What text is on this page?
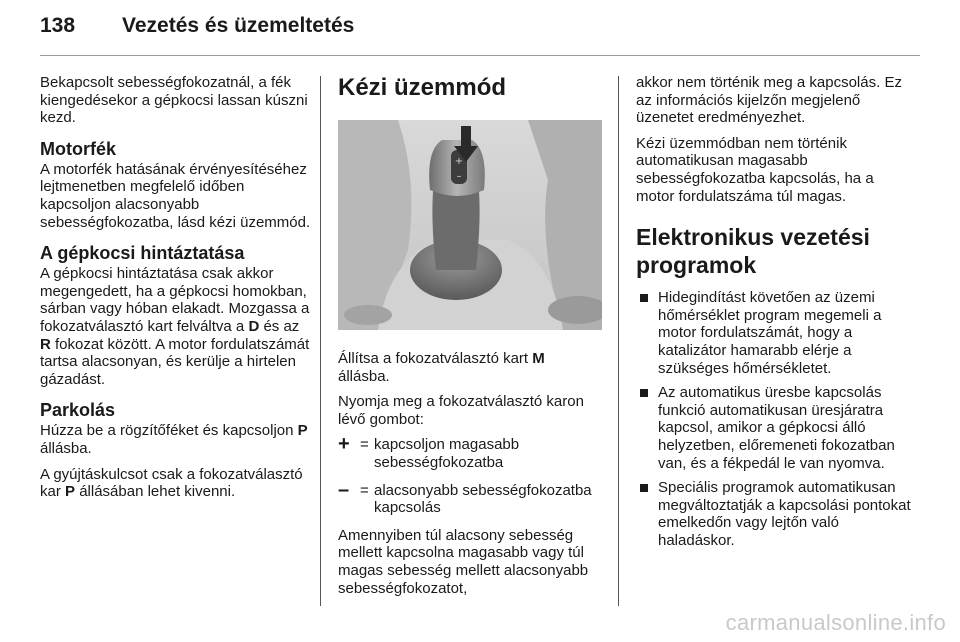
138 Vezetés és üzemeltetés

Bekapcsolt sebességfokozatnál, a fék kiengedésekor a gépkocsi lassan kúszni kezd.

Motorfék

A motorfék hatásának érvényesítéséhez lejtmenetben megfelelő időben kapcsoljon alacsonyabb sebességfokozatba, lásd kézi üzemmód.

A gépkocsi hintáztatása

A gépkocsi hintáztatása csak akkor megengedett, ha a gépkocsi homokban, sárban vagy hóban elakadt. Mozgassa a fokozatválasztó kart felváltva a D és az R fokozat között. A motor fordulatszámát tartsa alacsonyan, és kerülje a hirtelen gázadást.

Parkolás

Húzza be a rögzítőféket és kapcsoljon P állásba.

A gyújtáskulcsot csak a fokozatválasztó kar P állásában lehet kivenni.

Kézi üzemmód
+
–

Állítsa a fokozatválasztó kart M
állásba.

Nyomja meg a fokozatválasztó karon lévő gombot:

+ = kapcsoljon magasabb sebességfokozatba
– = alacsonyabb sebességfokozatba kapcsolás

Amennyiben túl alacsony sebesség mellett kapcsolna magasabb vagy túl magas sebesség mellett alacsonyabb sebességfokozatot,

akkor nem történik meg a kapcsolás. Ez az információs kijelzőn megjelenő üzenetet eredményezhet.

Kézi üzemmódban nem történik automatikusan magasabb sebességfokozatba kapcsolás, ha a motor fordulatszáma túl magas.

Elektronikus vezetési programok
Hidegindítást követően az üzemi hőmérséklet program megemeli a motor fordulatszámát, hogy a katalizátor hamarabb elérje a szükséges hőmérsékletet.
Az automatikus üresbe kapcsolás funkció automatikusan üresjáratra kapcsol, amikor a gépkocsi álló helyzetben, előremeneti fokozatban van, és a fékpedál le van nyomva.
Speciális programok automatikusan megváltoztatják a kapcsolási pontokat emelkedőn vagy lejtőn való haladáskor.
carmanualsonline.info
